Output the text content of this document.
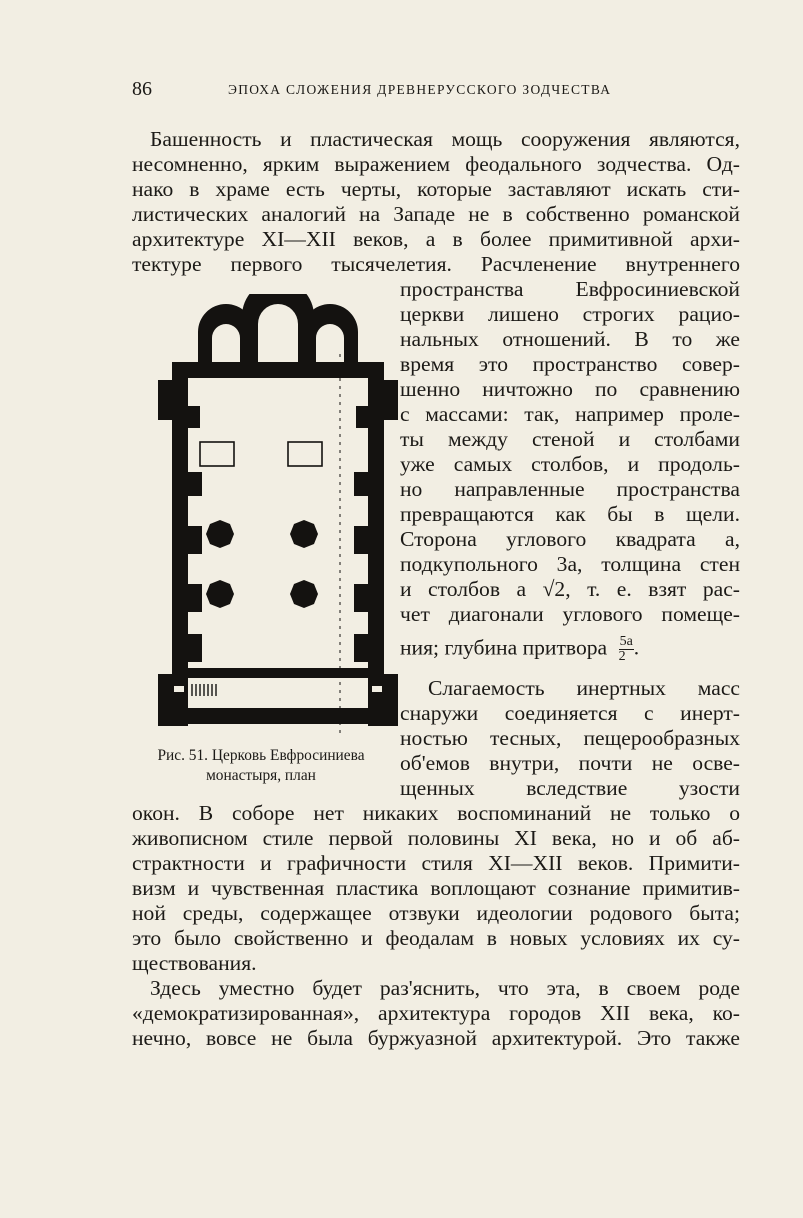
86	ЭПОХА СЛОЖЕНИЯ ДРЕВНЕРУССКОГО ЗОДЧЕСТВА
Башенность и пластическая мощь сооружения являются,
несомненно, ярким выражением феодального зодчества. Од-
нако в храме есть черты, которые заставляют искать сти-
листических аналогий на Западе не в собственно романской
архитектуре XI—XII веков, а в более примитивной архи-
тектуре первого тысячелетия. Расчленение внутреннего
пространства Евфросиниевской
церкви лишено строгих рацио-
нальных отношений. В то же
время это пространство совер-
шенно ничтожно по сравнению
с массами: так, например проле-
ты между стеной и столбами
уже самых столбов, и продоль-
но направленные пространства
превращаются как бы в щели.
Сторона углового квадрата а,
подкупольного 3а, толщина стен
и столбов а √2, т. е. взят рас-
чет диагонали углового помеще-
ния; глубина притвора $\frac{5a}{2}$ .
Слагаемость инертных масс
снаружи соединяется с инерт-
ностью тесных, пещерообразных
об'емов внутри, почти не осве-
щенных вследствие узости
окон. В соборе нет никаких воспоминаний не только о
живописном стиле первой половины XI века, но и об аб-
страктности и графичности стиля XI—XII веков. Примити-
визм и чувственная пластика воплощают сознание примитив-
ной среды, содержащее отзвуки идеологии родового быта;
это было свойственно и феодалам в новых условиях их су-
ществования.
Здесь уместно будет раз'яснить, что эта, в своем роде
«демократизированная», архитектура городов XII века, ко-
нечно, вовсе не была буржуазной архитектурой. Это также
Рис. 51. Церковь Евфросиниева
монастыря, план
